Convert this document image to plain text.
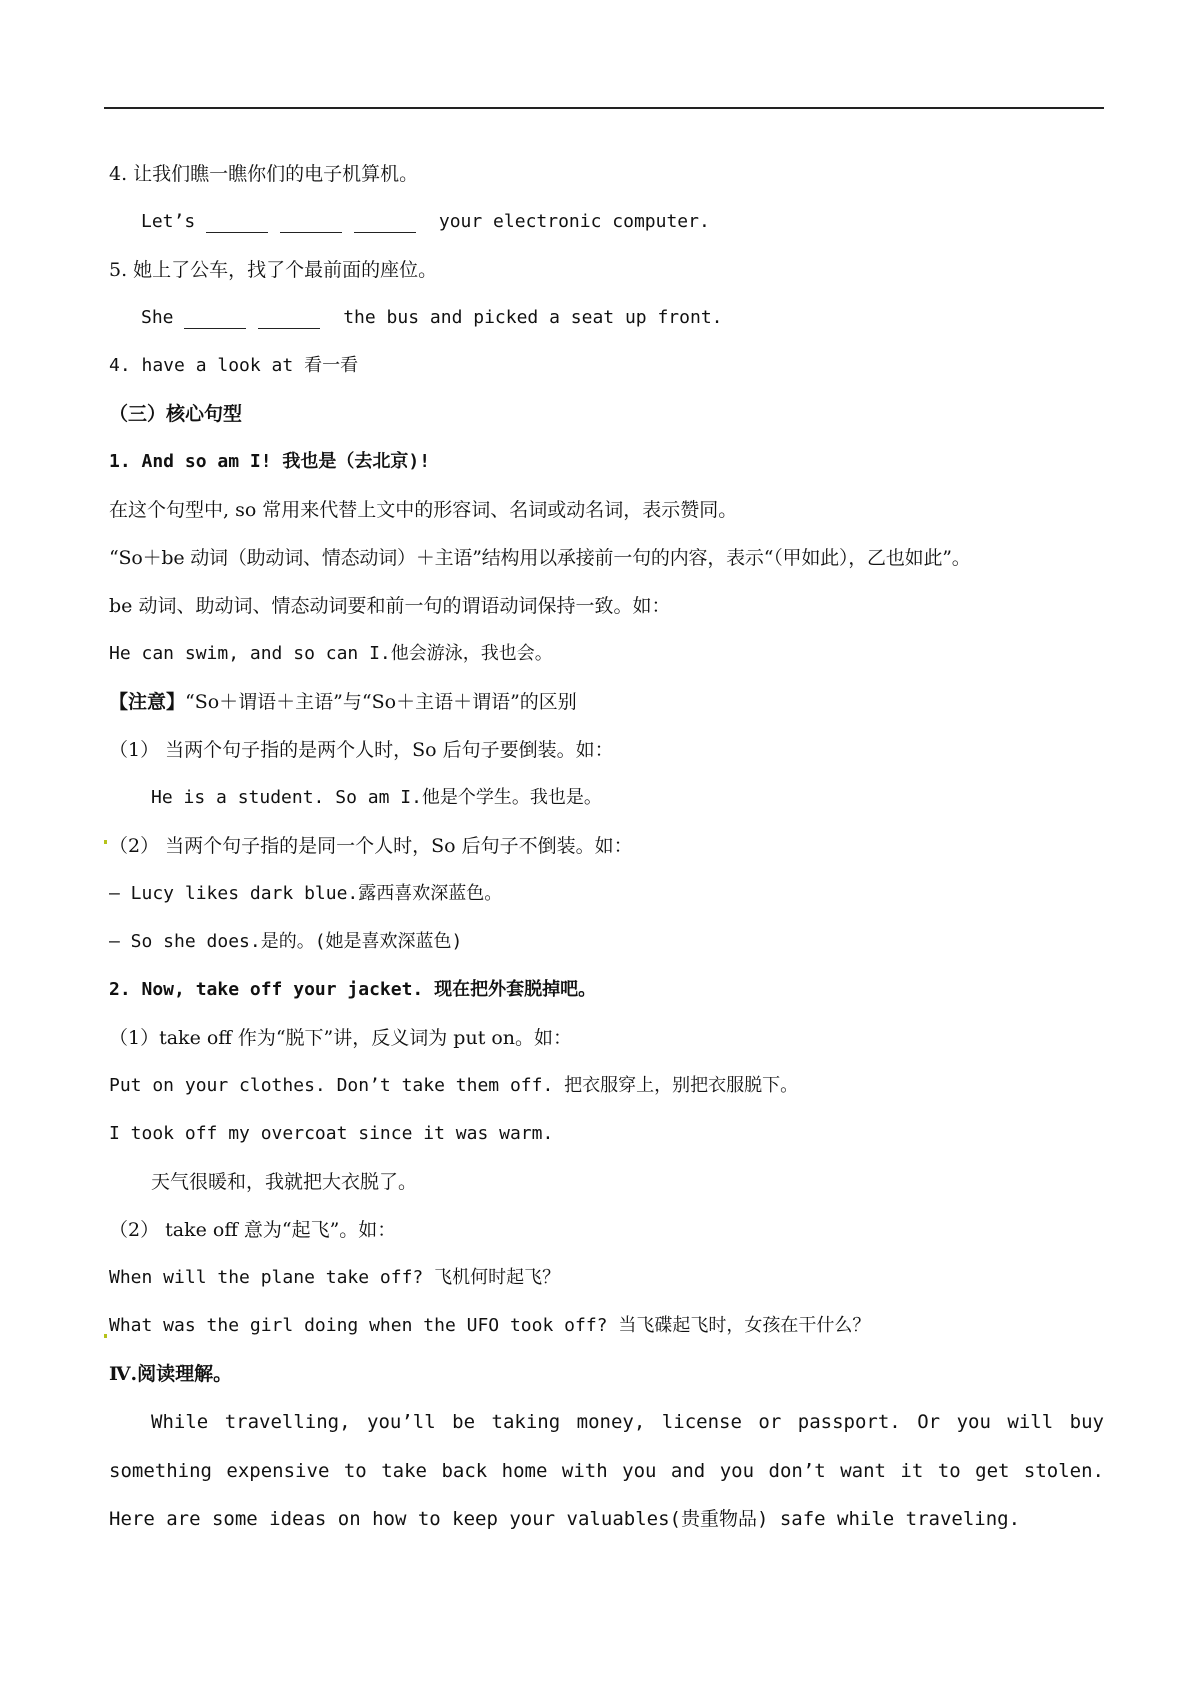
4. 让我们瞧一瞧你们的电子机算机。
Let’s	your electronic computer.
5. 她上了公车，找了个最前面的座位。
She	the bus and picked a seat up front.
4. have a look at 看一看
（三）核心句型
1. And so am I! 我也是（去北京)!
在这个句型中, so 常用来代替上文中的形容词、名词或动名词，表示赞同。
“So＋be 动词（助动词、情态动词）＋主语”结构用以承接前一句的内容，表示“（甲如此），乙也如此”。
be 动词、助动词、情态动词要和前一句的谓语动词保持一致。如：
He can swim, and so can I.他会游泳，我也会。
【注意】“So＋谓语＋主语”与“So＋主语＋谓语”的区别
（1） 当两个句子指的是两个人时，So 后句子要倒装。如：
He is a student. So am I.他是个学生。我也是。
（2） 当两个句子指的是同一个人时，So 后句子不倒装。如：
— Lucy likes dark blue.露西喜欢深蓝色。
— So she does.是的。(她是喜欢深蓝色)
2. Now, take off your jacket. 现在把外套脱掉吧。
（1）take off 作为“脱下”讲，反义词为 put on。如：
Put on your clothes. Don’t take them off. 把衣服穿上，别把衣服脱下。
I took off my overcoat since it was warm.
天气很暖和，我就把大衣脱了。
（2） take off 意为“起飞”。如：
When will the plane take off? 飞机何时起飞？
What was the girl doing when the UFO took off? 当飞碟起飞时，女孩在干什么？
Ⅳ.阅读理解。
While travelling, you’ll be taking money, license or passport. Or you will buy something expensive to take back home with you and you don’t want it to get stolen. Here are some ideas on how to keep your valuables(贵重物品) safe while traveling.
